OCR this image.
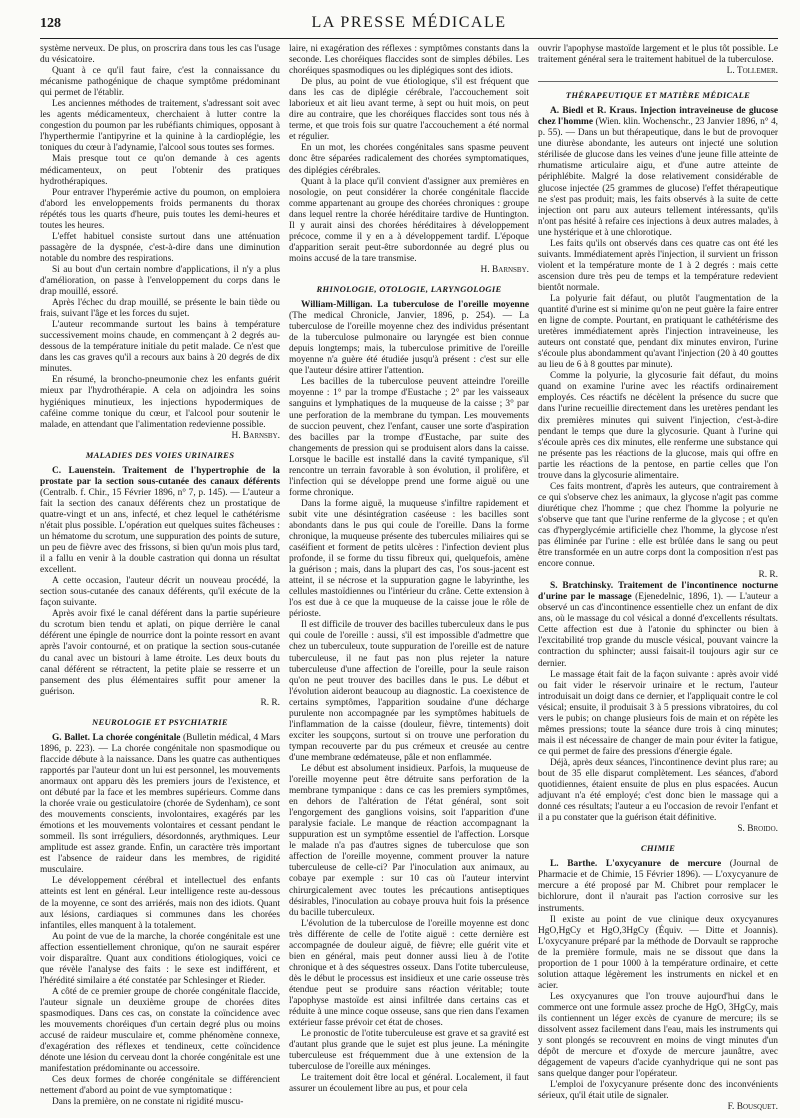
128	LA PRESSE MÉDICALE

système nerveux. De plus, on proscrira dans tous les cas l'usage du vésicatoire.

Quant à ce qu'il faut faire, c'est la connaissance du mécanisme pathogénique de chaque symptôme prédominant qui permet de l'établir.

Les anciennes méthodes de traitement, s'adressant soit avec les agents médicamenteux, cherchaient à lutter contre la congestion du poumon par les rubéfiants chimiques, opposant à l'hyperthermie l'antipyrine et la quinine à la cardioplégie, les toniques du cœur à l'adynamie, l'alcool sous toutes ses formes.

Mais presque tout ce qu'on demande à ces agents médicamenteux, on peut l'obtenir des pratiques hydrothérapiques.

Pour entraver l'hyperémie active du poumon, on emploiera d'abord les enveloppements froids permanents du thorax répétés tous les quarts d'heure, puis toutes les demi-heures et toutes les heures.

L'effet habituel consiste surtout dans une atténuation passagère de la dyspnée, c'est-à-dire dans une diminution notable du nombre des respirations.

Si au bout d'un certain nombre d'applications, il n'y a plus d'amélioration, on passe à l'enveloppement du corps dans le drap mouillé, essoré.

Après l'échec du drap mouillé, se présente le bain tiède ou frais, suivant l'âge et les forces du sujet.

L'auteur recommande surtout les bains à température successivement moins chaude, en commençant à 2 degrés au-dessous de la température initiale du petit malade. Ce n'est que dans les cas graves qu'il a recours aux bains à 20 degrés de dix minutes.

En résumé, la broncho-pneumonie chez les enfants guérit mieux par l'hydrothérapie. A cela on adjoindra les soins hygiéniques minutieux, les injections hypodermiques de caféine comme tonique du cœur, et l'alcool pour soutenir le malade, en attendant que l'alimentation redevienne possible.

H. Barnsby.

MALADIES DES VOIES URINAIRES

C. Lauenstein. Traitement de l'hypertrophie de la prostate par la section sous-cutanée des canaux déférents (Centralb. f. Chir., 15 Février 1896, n° 7, p. 145). — L'auteur a fait la section des canaux déférents chez un prostatique de quatre-vingt et un ans, infecté, et chez lequel le cathétérisme n'était plus possible. L'opération eut quelques suites fâcheuses : un hématome du scrotum, une suppuration des points de suture, un peu de fièvre avec des frissons, si bien qu'un mois plus tard, il a fallu en venir à la double castration qui donna un résultat excellent.

A cette occasion, l'auteur décrit un nouveau procédé, la section sous-cutanée des canaux déférents, qu'il exécute de la façon suivante.

Après avoir fixé le canal déférent dans la partie supérieure du scrotum bien tendu et aplati, on pique derrière le canal déférent une épingle de nourrice dont la pointe ressort en avant après l'avoir contourné, et on pratique la section sous-cutanée du canal avec un bistouri à lame étroite. Les deux bouts du canal déférent se rétractent, la petite plaie se resserre et un pansement des plus élémentaires suffit pour amener la guérison.

R. R.

NEUROLOGIE ET PSYCHIATRIE

G. Ballet. La chorée congénitale (Bulletin médical, 4 Mars 1896, p. 223). — La chorée congénitale non spasmodique ou flaccide débute à la naissance. Dans les quatre cas authentiques rapportés par l'auteur dont un lui est personnel, les mouvements anormaux ont apparu dès les premiers jours de l'existence, et ont débuté par la face et les membres supérieurs. Comme dans la chorée vraie ou gesticulatoire (chorée de Sydenham), ce sont des mouvements conscients, involontaires, exagérés par les émotions et les mouvements volontaires et cessant pendant le sommeil. Ils sont irréguliers, désordonnés, arythmiques. Leur amplitude est assez grande. Enfin, un caractère très important est l'absence de raideur dans les membres, de rigidité musculaire.

Le développement cérébral et intellectuel des enfants atteints est lent en général. Leur intelligence reste au-dessous de la moyenne, ce sont des arriérés, mais non des idiots. Quant aux lésions, cardiaques si communes dans les chorées infantiles, elles manquent à la totalement.

Au point de vue de la marche, la chorée congénitale est une affection essentiellement chronique, qu'on ne saurait espérer voir disparaître. Quant aux conditions étiologiques, voici ce que révèle l'analyse des faits : le sexe est indifférent, et l'hérédité similaire a été constatée par Schlesinger et Rieder.

A côté de ce premier groupe de chorée congénitale flaccide, l'auteur signale un deuxième groupe de chorées dites spasmodiques. Dans ces cas, on constate la coïncidence avec les mouvements choréiques d'un certain degré plus ou moins accusé de raideur musculaire et, comme phénomène connexe, d'exagération des réflexes et tendineux, cette coïncidence dénote une lésion du cerveau dont la chorée congénitale est une manifestation prédominante ou accessoire.

Ces deux formes de chorée congénitale se différencient nettement d'abord au point de vue symptomatique :

Dans la première, on ne constate ni rigidité muscu-

laire, ni exagération des réflexes : symptômes constants dans la seconde. Les choréiques flaccides sont de simples débiles. Les choréiques spasmodiques ou les diplégiques sont des idiots.

De plus, au point de vue étiologique, s'il est fréquent que dans les cas de diplégie cérébrale, l'accouchement soit laborieux et ait lieu avant terme, à sept ou huit mois, on peut dire au contraire, que les choréiques flaccides sont tous nés à terme, et que trois fois sur quatre l'accouchement a été normal et régulier.

En un mot, les chorées congénitales sans spasme peuvent donc être séparées radicalement des chorées symptomatiques, des diplégies cérébrales.

Quant à la place qu'il convient d'assigner aux premières en nosologie, on peut considérer la chorée congénitale flaccide comme appartenant au groupe des chorées chroniques : groupe dans lequel rentre la chorée héréditaire tardive de Huntington. Il y aurait ainsi des chorées héréditaires à développement précoce, comme il y en a à développement tardif. L'époque d'apparition serait peut-être subordonnée au degré plus ou moins accusé de la tare transmise.

H. Barnsby.

RHINOLOGIE, OTOLOGIE, LARYNGOLOGIE

William-Milligan. La tuberculose de l'oreille moyenne (The medical Chronicle, Janvier, 1896, p. 254). — La tuberculose de l'oreille moyenne chez des individus présentant de la tuberculose pulmonaire ou laryngée est bien connue depuis longtemps; mais, la tuberculose primitive de l'oreille moyenne n'a guère été étudiée jusqu'à présent : c'est sur elle que l'auteur désire attirer l'attention.

Les bacilles de la tuberculose peuvent atteindre l'oreille moyenne : 1° par la trompe d'Eustache ; 2° par les vaisseaux sanguins et lymphatiques de la muqueuse de la caisse ; 3° par une perforation de la membrane du tympan. Les mouvements de succion peuvent, chez l'enfant, causer une sorte d'aspiration des bacilles par la trompe d'Eustache, par suite des changements de pression qui se produisent alors dans la caisse. Lorsque le bacille est installé dans la cavité tympanique, s'il rencontre un terrain favorable à son évolution, il prolifère, et l'infection qui se développe prend une forme aiguë ou une forme chronique.

Dans la forme aiguë, la muqueuse s'infiltre rapidement et subit vite une désintégration caséeuse : les bacilles sont abondants dans le pus qui coule de l'oreille. Dans la forme chronique, la muqueuse présente des tubercules miliaires qui se caséifient et forment de petits ulcères : l'infection devient plus profonde, il se forme du tissu fibreux qui, quelquefois, amène la guérison ; mais, dans la plupart des cas, l'os sous-jacent est atteint, il se nécrose et la suppuration gagne le labyrinthe, les cellules mastoïdiennes ou l'intérieur du crâne. Cette extension à l'os est due à ce que la muqueuse de la caisse joue le rôle de périoste.

Il est difficile de trouver des bacilles tuberculeux dans le pus qui coule de l'oreille : aussi, s'il est impossible d'admettre que chez un tuberculeux, toute suppuration de l'oreille est de nature tuberculeuse, il ne faut pas non plus rejeter la nature tuberculeuse d'une affection de l'oreille, pour la seule raison qu'on ne peut trouver des bacilles dans le pus. Le début et l'évolution aideront beaucoup au diagnostic. La coexistence de certains symptômes, l'apparition soudaine d'une décharge purulente non accompagnée par les symptômes habituels de l'inflammation de la caisse (douleur, fièvre, tintements) doit exciter les soupçons, surtout si on trouve une perforation du tympan recouverte par du pus crémeux et creusée au centre d'une membrane œdémateuse, pâle et non enflammée.

Le début est absolument insidieux. Parfois, la muqueuse de l'oreille moyenne peut être détruite sans perforation de la membrane tympanique : dans ce cas les premiers symptômes, en dehors de l'altération de l'état général, sont soit l'engorgement des ganglions voisins, soit l'apparition d'une paralysie faciale. Le manque de réaction accompagnant la suppuration est un symptôme essentiel de l'affection. Lorsque le malade n'a pas d'autres signes de tuberculose que son affection de l'oreille moyenne, comment prouver la nature tuberculeuse de celle-ci? Par l'inoculation aux animaux, au cobaye par exemple : sur 10 cas où l'auteur intervint chirurgicalement avec toutes les précautions antiseptiques désirables, l'inoculation au cobaye prouva huit fois la présence du bacille tuberculeux.

L'évolution de la tuberculose de l'oreille moyenne est donc très différente de celle de l'otite aiguë : cette dernière est accompagnée de douleur aiguë, de fièvre; elle guérit vite et bien en général, mais peut donner aussi lieu à de l'otite chronique et à des séquestres osseux. Dans l'otite tuberculeuse, dès le début le processus est insidieux et une carie osseuse très étendue peut se produire sans réaction véritable; toute l'apophyse mastoïde est ainsi infiltrée dans certains cas et réduite à une mince coque osseuse, sans que rien dans l'examen extérieur fasse prévoir cet état de choses.

Le pronostic de l'otite tuberculeuse est grave et sa gravité est d'autant plus grande que le sujet est plus jeune. La méningite tuberculeuse est fréquemment due à une extension de la tuberculose de l'oreille aux méninges.

Le traitement doit être local et général. Localement, il faut assurer un écoulement libre au pus, et pour cela

ouvrir l'apophyse mastoïde largement et le plus tôt possible. Le traitement général sera le traitement habituel de la tuberculose.

L. Tollemer.

THÉRAPEUTIQUE ET MATIÈRE MÉDICALE

A. Biedl et R. Kraus. Injection intraveineuse de glucose chez l'homme (Wien. klin. Wochenschr., 23 Janvier 1896, n° 4, p. 55). — Dans un but thérapeutique, dans le but de provoquer une diurèse abondante, les auteurs ont injecté une solution stérilisée de glucose dans les veines d'une jeune fille atteinte de rhumatisme articulaire aigu, et d'une autre atteinte de périphlébite. Malgré la dose relativement considérable de glucose injectée (25 grammes de glucose) l'effet thérapeutique ne s'est pas produit; mais, les faits observés à la suite de cette injection ont paru aux auteurs tellement intéressants, qu'ils n'ont pas hésité à refaire ces injections à deux autres malades, à une hystérique et à une chlorotique.

Les faits qu'ils ont observés dans ces quatre cas ont été les suivants. Immédiatement après l'injection, il survient un frisson violent et la température monte de 1 à 2 degrés : mais cette ascension dure très peu de temps et la température redevient bientôt normale.

La polyurie fait défaut, ou plutôt l'augmentation de la quantité d'urine est si minime qu'on ne peut guère la faire entrer en ligne de compte. Pourtant, en pratiquant le cathétérisme des uretères immédiatement après l'injection intraveineuse, les auteurs ont constaté que, pendant dix minutes environ, l'urine s'écoule plus abondamment qu'avant l'injection (20 à 40 gouttes au lieu de 6 à 8 gouttes par minute).

Comme la polyurie, la glycosurie fait défaut, du moins quand on examine l'urine avec les réactifs ordinairement employés. Ces réactifs ne décèlent la présence du sucre que dans l'urine recueillie directement dans les uretères pendant les dix premières minutes qui suivent l'injection, c'est-à-dire pendant le temps que dure la glycosurie. Quant à l'urine qui s'écoule après ces dix minutes, elle renferme une substance qui ne présente pas les réactions de la glucose, mais qui offre en partie les réactions de la pentose, en partie celles que l'on trouve dans la glycosurie alimentaire.

Ces faits montrent, d'après les auteurs, que contrairement à ce qui s'observe chez les animaux, la glycose n'agit pas comme diurétique chez l'homme ; que chez l'homme la polyurie ne s'observe que tant que l'urine renferme de la glycose ; et qu'en cas d'hyperglycémie artificielle chez l'homme, la glycose n'est pas éliminée par l'urine : elle est brûlée dans le sang ou peut être transformée en un autre corps dont la composition n'est pas encore connue.

R. R.

S. Bratchinsky. Traitement de l'incontinence nocturne d'urine par le massage (Ejenedelnic, 1896, 1). — L'auteur a observé un cas d'incontinence essentielle chez un enfant de dix ans, où le massage du col vésical a donné d'excellents résultats. Cette affection est due à l'atonie du sphincter ou bien à l'excitabilité trop grande du muscle vésical, pouvant vaincre la contraction du sphincter; aussi faisait-il toujours agir sur ce dernier.

Le massage était fait de la façon suivante : après avoir vidé ou fait vider le réservoir urinaire et le rectum, l'auteur introduisait un doigt dans ce dernier, et l'appliquait contre le col vésical; ensuite, il produisait 3 à 5 pressions vibratoires, du col vers le pubis; on change plusieurs fois de main et on répète les mêmes pressions; toute la séance dure trois à cinq minutes; mais il est nécessaire de changer de main pour éviter la fatigue, ce qui permet de faire des pressions d'énergie égale.

Déjà, après deux séances, l'incontinence devint plus rare; au bout de 35 elle disparut complètement. Les séances, d'abord quotidiennes, étaient ensuite de plus en plus espacées. Aucun adjuvant n'a été employé; c'est donc bien le massage qui a donné ces résultats; l'auteur a eu l'occasion de revoir l'enfant et il a pu constater que la guérison était définitive.

S. Broido.

CHIMIE

L. Barthe. L'oxycyanure de mercure (Journal de Pharmacie et de Chimie, 15 Février 1896). — L'oxycyanure de mercure a été proposé par M. Chibret pour remplacer le bichlorure, dont il n'aurait pas l'action corrosive sur les instruments.

Il existe au point de vue clinique deux oxycyanures HgO,HgCy et HgO,3HgCy (Équiv. — Ditte et Joannis). L'oxycyanure préparé par la méthode de Dorvault se rapproche de la première formule, mais ne se dissout que dans la proportion de 1 pour 1000 à la température ordinaire, et cette solution attaque légèrement les instruments en nickel et en acier.

Les oxycyanures que l'on trouve aujourd'hui dans le commerce ont une formule assez proche de HgO, 3HgCy, mais ils contiennent un léger excès de cyanure de mercure; ils se dissolvent assez facilement dans l'eau, mais les instruments qui y sont plongés se recouvrent en moins de vingt minutes d'un dépôt de mercure et d'oxyde de mercure jaunâtre, avec dégagement de vapeurs d'acide cyanhydrique qui ne sont pas sans quelque danger pour l'opérateur.

L'emploi de l'oxycyanure présente donc des inconvénients sérieux, qu'il était utile de signaler.

F. Bousquet.
